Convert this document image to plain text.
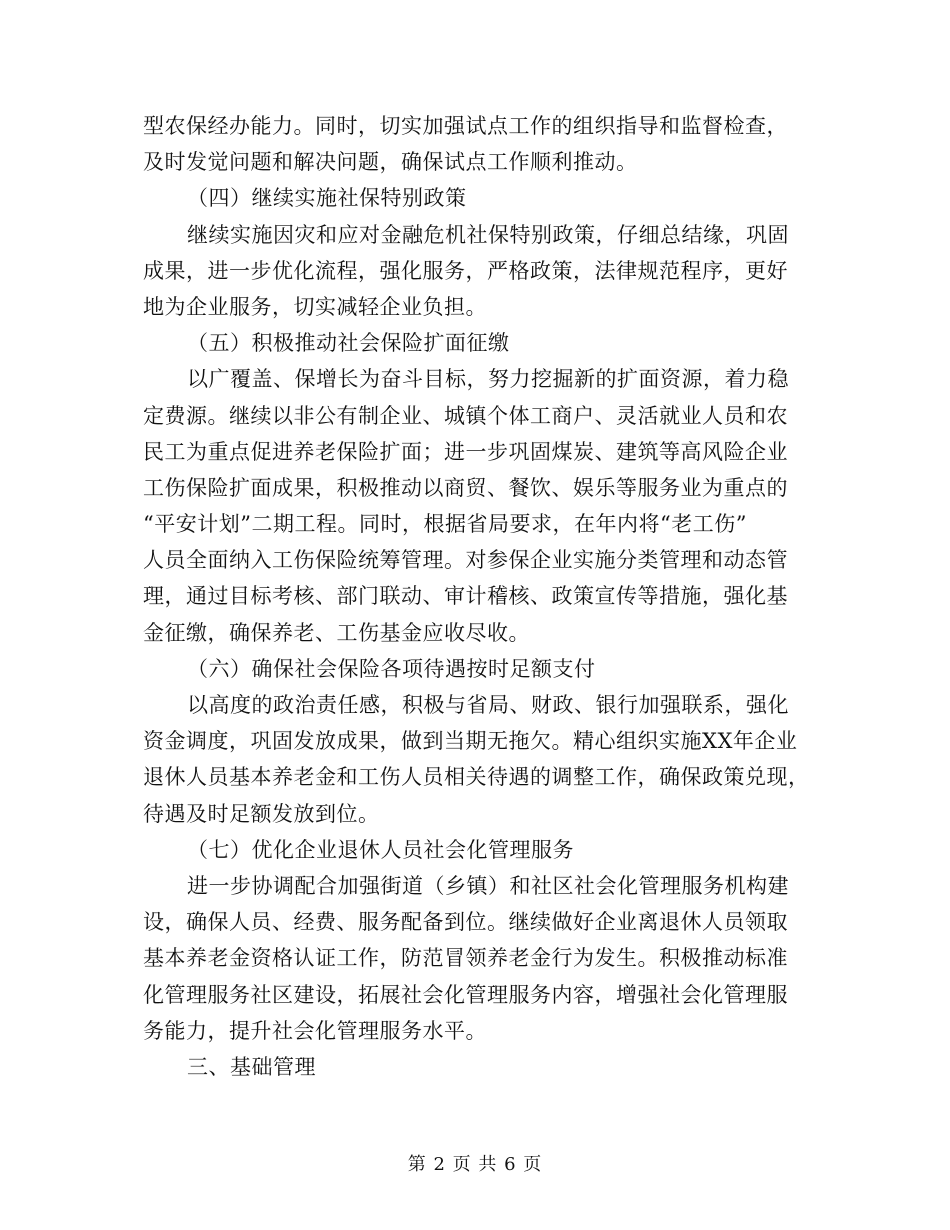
型农保经办能力。同时，切实加强试点工作的组织指导和监督检查，
及时发觉问题和解决问题，确保试点工作顺利推动。
（四）继续实施社保特别政策
继续实施因灾和应对金融危机社保特别政策，仔细总结缘，巩固
成果，进一步优化流程，强化服务，严格政策，法律规范程序，更好
地为企业服务，切实减轻企业负担。
（五）积极推动社会保险扩面征缴
以广覆盖、保增长为奋斗目标，努力挖掘新的扩面资源，着力稳
定费源。继续以非公有制企业、城镇个体工商户、灵活就业人员和农
民工为重点促进养老保险扩面；进一步巩固煤炭、建筑等高风险企业
工伤保险扩面成果，积极推动以商贸、餐饮、娱乐等服务业为重点的
“平安计划”二期工程。同时，根据省局要求，在年内将“老工伤”
人员全面纳入工伤保险统筹管理。对参保企业实施分类管理和动态管
理，通过目标考核、部门联动、审计稽核、政策宣传等措施，强化基
金征缴，确保养老、工伤基金应收尽收。
（六）确保社会保险各项待遇按时足额支付
以高度的政治责任感，积极与省局、财政、银行加强联系，强化
资金调度，巩固发放成果，做到当期无拖欠。精心组织实施XX年企业
退休人员基本养老金和工伤人员相关待遇的调整工作，确保政策兑现，
待遇及时足额发放到位。
（七）优化企业退休人员社会化管理服务
进一步协调配合加强街道（乡镇）和社区社会化管理服务机构建
设，确保人员、经费、服务配备到位。继续做好企业离退休人员领取
基本养老金资格认证工作，防范冒领养老金行为发生。积极推动标准
化管理服务社区建设，拓展社会化管理服务内容，增强社会化管理服
务能力，提升社会化管理服务水平。
三、基础管理
第 2 页 共 6 页
